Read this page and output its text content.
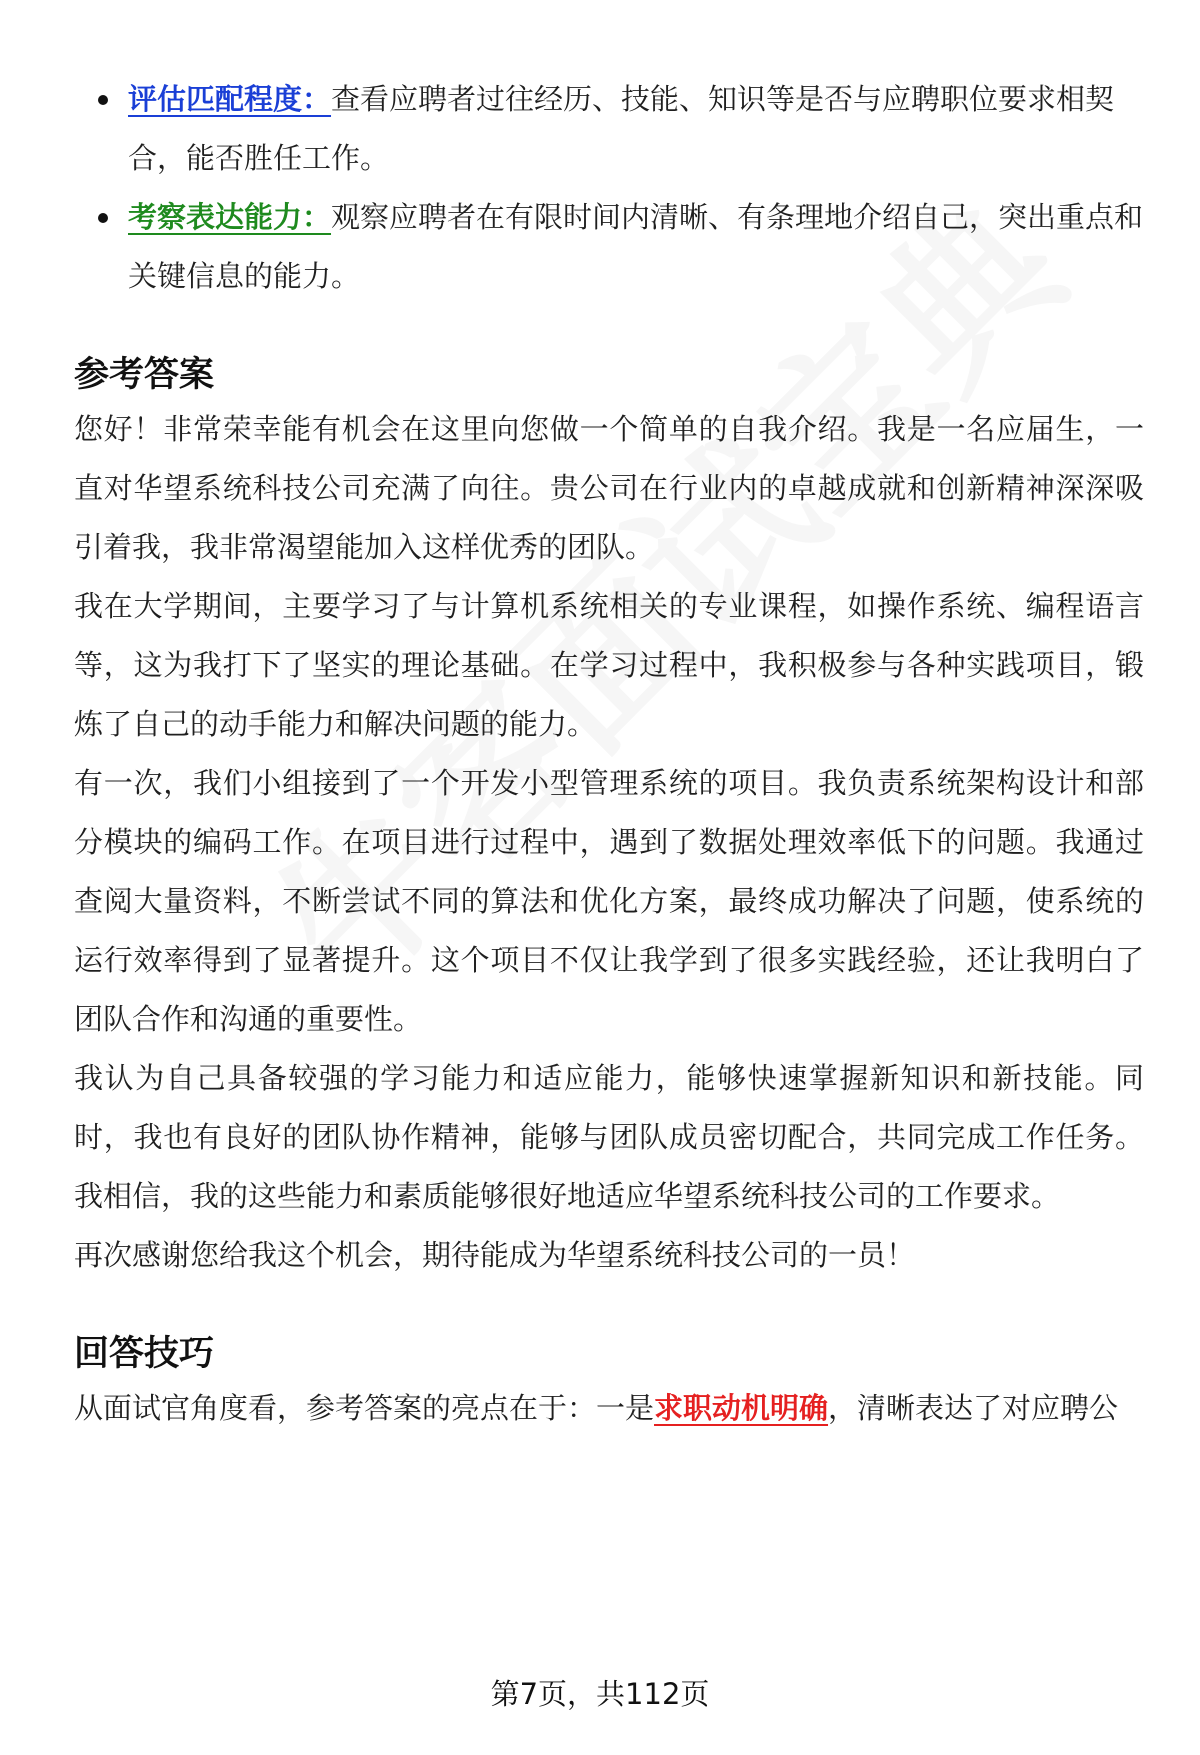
评估匹配程度：查看应聘者过往经历、技能、知识等是否与应聘职位要求相契合，能否胜任工作。
考察表达能力：观察应聘者在有限时间内清晰、有条理地介绍自己，突出重点和关键信息的能力。
参考答案

您好！非常荣幸能有机会在这里向您做一个简单的自我介绍。我是一名应届生，一直对华望系统科技公司充满了向往。贵公司在行业内的卓越成就和创新精神深深吸引着我，我非常渴望能加入这样优秀的团队。

我在大学期间，主要学习了与计算机系统相关的专业课程，如操作系统、编程语言等，这为我打下了坚实的理论基础。在学习过程中，我积极参与各种实践项目，锻炼了自己的动手能力和解决问题的能力。

有一次，我们小组接到了一个开发小型管理系统的项目。我负责系统架构设计和部分模块的编码工作。在项目进行过程中，遇到了数据处理效率低下的问题。我通过查阅大量资料，不断尝试不同的算法和优化方案，最终成功解决了问题，使系统的运行效率得到了显著提升。这个项目不仅让我学到了很多实践经验，还让我明白了团队合作和沟通的重要性。

我认为自己具备较强的学习能力和适应能力，能够快速掌握新知识和新技能。同时，我也有良好的团队协作精神，能够与团队成员密切配合，共同完成工作任务。我相信，我的这些能力和素质能够很好地适应华望系统科技公司的工作要求。

再次感谢您给我这个机会，期待能成为华望系统科技公司的一员！

回答技巧

从面试官角度看，参考答案的亮点在于：一是求职动机明确，清晰表达了对应聘公

第7页，共112页
